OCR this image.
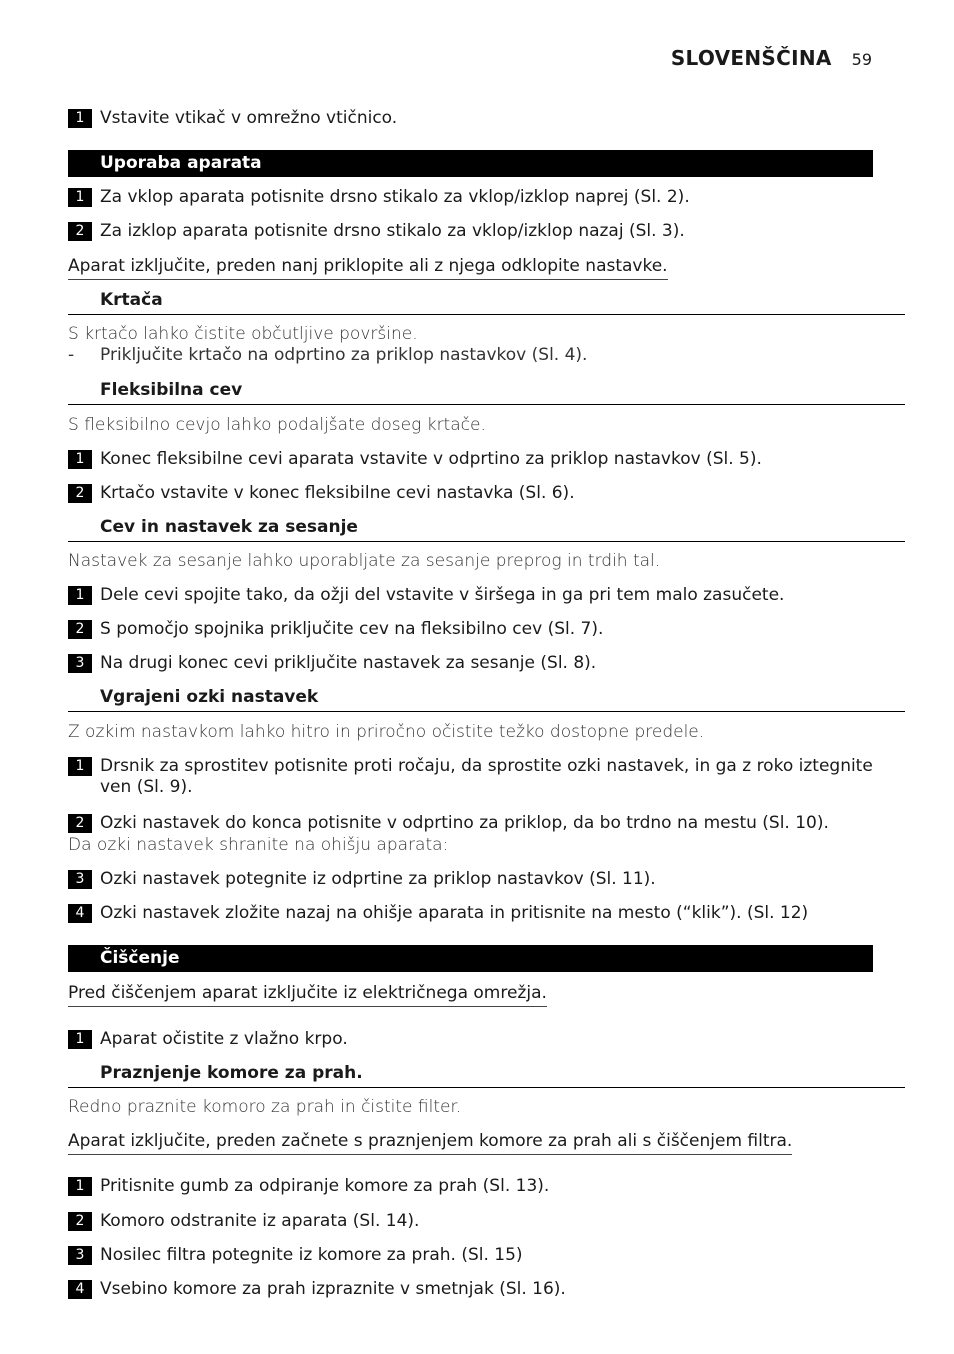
SLOVENŠČINA 59
1 Vstavite vtikač v omrežno vtičnico.
Uporaba aparata
1 Za vklop aparata potisnite drsno stikalo za vklop/izklop naprej (Sl. 2).
2 Za izklop aparata potisnite drsno stikalo za vklop/izklop nazaj (Sl. 3).
Aparat izključite, preden nanj priklopite ali z njega odklopite nastavke.
Krtača
S krtačo lahko čistite občutljive površine.
-	Priključite krtačo na odprtino za priklop nastavkov (Sl. 4).
Fleksibilna cev
S fleksibilno cevjo lahko podaljšate doseg krtače.
1 Konec fleksibilne cevi aparata vstavite v odprtino za priklop nastavkov (Sl. 5).
2 Krtačo vstavite v konec fleksibilne cevi nastavka (Sl. 6).
Cev in nastavek za sesanje
Nastavek za sesanje lahko uporabljate za sesanje preprog in trdih tal.
1 Dele cevi spojite tako, da ožji del vstavite v širšega in ga pri tem malo zasučete.
2 S pomočjo spojnika priključite cev na fleksibilno cev (Sl. 7).
3 Na drugi konec cevi priključite nastavek za sesanje (Sl. 8).
Vgrajeni ozki nastavek
Z ozkim nastavkom lahko hitro in priročno očistite težko dostopne predele.
1 Drsnik za sprostitev potisnite proti ročaju, da sprostite ozki nastavek, in ga z roko iztegnite ven (Sl. 9).
2 Ozki nastavek do konca potisnite v odprtino za priklop, da bo trdno na mestu (Sl. 10).
Da ozki nastavek shranite na ohišju aparata:
3 Ozki nastavek potegnite iz odprtine za priklop nastavkov (Sl. 11).
4 Ozki nastavek zložite nazaj na ohišje aparata in pritisnite na mesto (“klik”). (Sl. 12)
Čiščenje
Pred čiščenjem aparat izklјučite iz električnega omrežja.
1 Aparat očistite z vlažno krpo.
Praznjenje komore za prah.
Redno praznite komoro za prah in čistite filter.
Aparat izklјučite, preden začnete s praznjenjem komore za prah ali s čiščenjem filtra.
1 Pritisnite gumb za odpiranje komore za prah (Sl. 13).
2 Komoro odstranite iz aparata (Sl. 14).
3 Nosilec filtra potegnite iz komore za prah. (Sl. 15)
4 Vsebino komore za prah izpraznite v smetnjak (Sl. 16).
